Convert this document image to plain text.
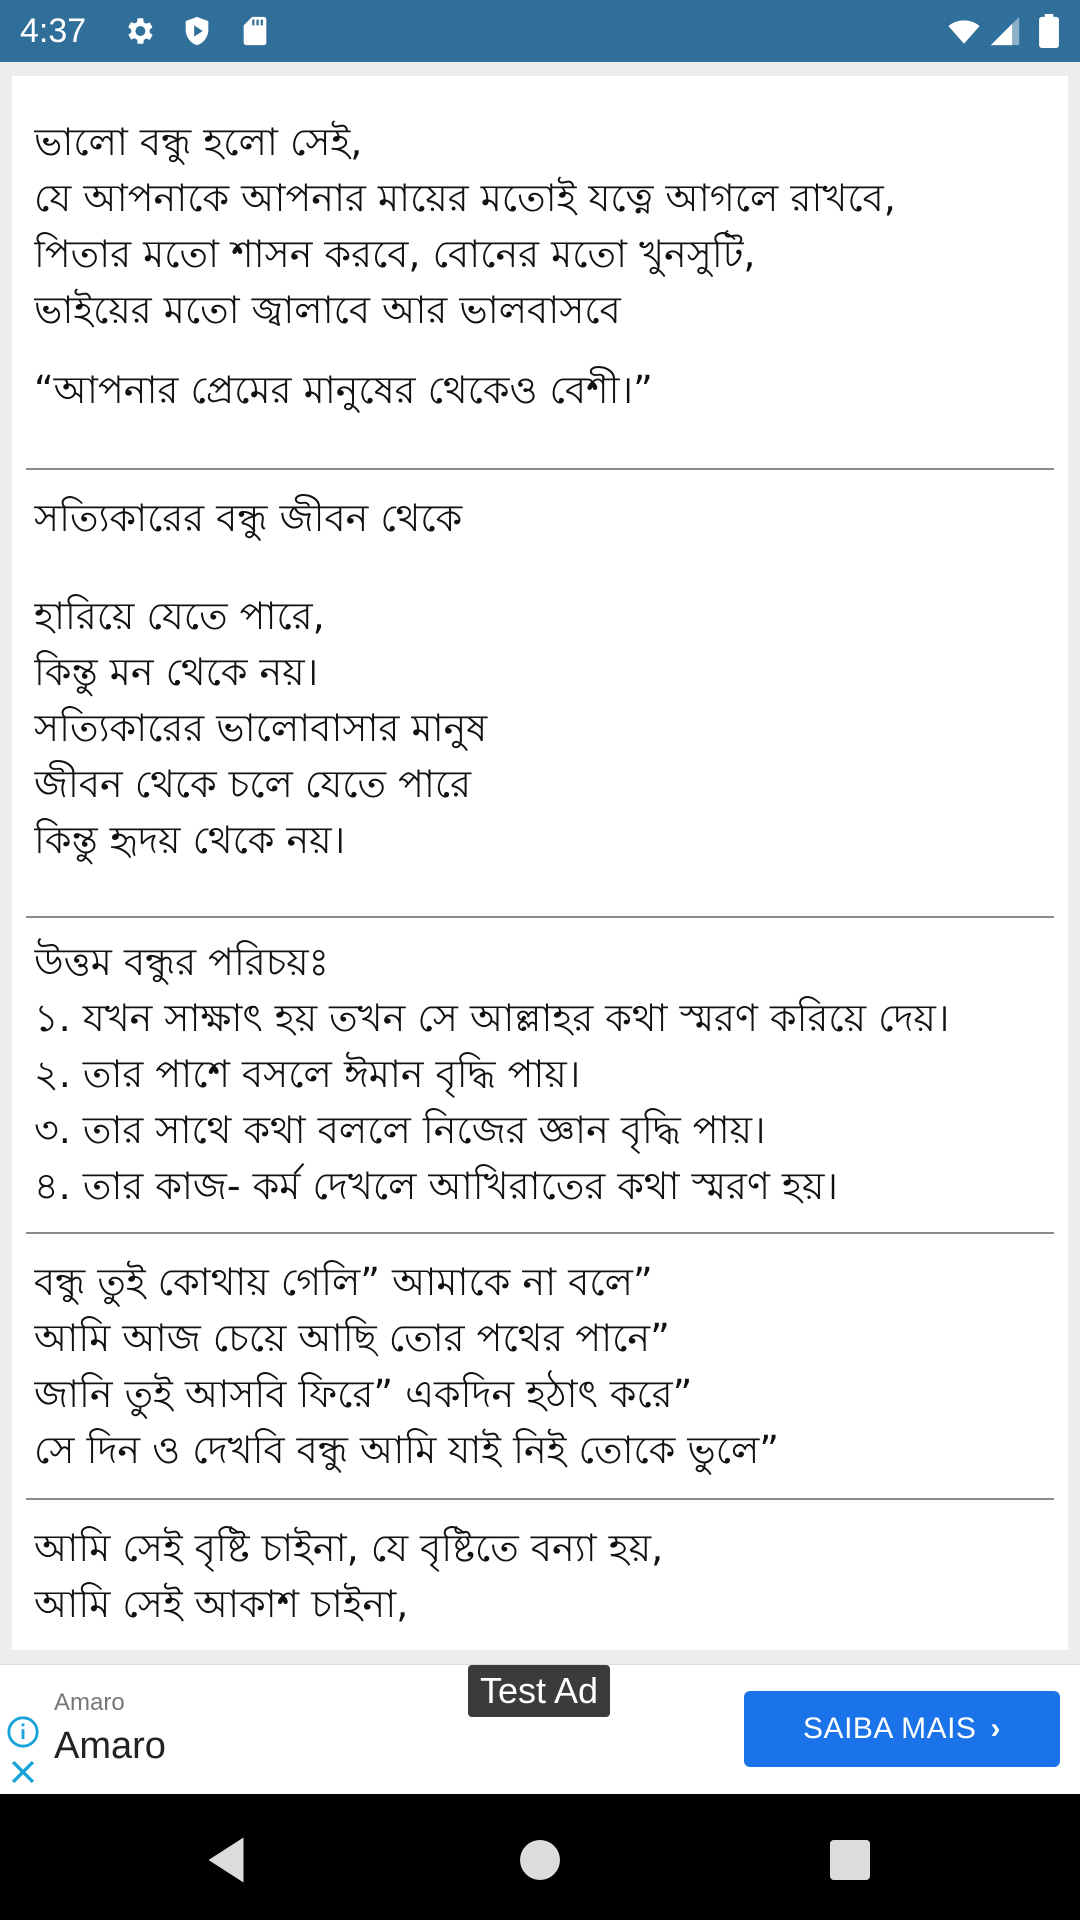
4:37
ভালো বন্ধু হলো সেই,
যে আপনাকে আপনার মায়ের মতোই যত্নে আগলে রাখবে,
পিতার মতো শাসন করবে, বোনের মতো খুনসুটি,
ভাইয়ের মতো জ্বালাবে আর ভালবাসবে
“আপনার প্রেমের মানুষের থেকেও বেশী।”
সত্যিকারের বন্ধু জীবন থেকে
হারিয়ে যেতে পারে,
কিন্তু মন থেকে নয়।
সত্যিকারের ভালোবাসার মানুষ
জীবন থেকে চলে যেতে পারে
কিন্তু হৃদয় থেকে নয়।
উত্তম বন্ধুর পরিচয়ঃ
১. যখন সাক্ষাৎ হয় তখন সে আল্লাহর কথা স্মরণ করিয়ে দেয়।
২. তার পাশে বসলে ঈমান বৃদ্ধি পায়।
৩. তার সাথে কথা বললে নিজের জ্ঞান বৃদ্ধি পায়।
৪. তার কাজ- কর্ম দেখলে আখিরাতের কথা স্মরণ হয়।
বন্ধু তুই কোথায় গেলি” আমাকে না বলে”
আমি আজ চেয়ে আছি তোর পথের পানে”
জানি তুই আসবি ফিরে” একদিন হঠাৎ করে”
সে দিন ও দেখবি বন্ধু আমি যাই নিই তোকে ভুলে”
আমি সেই বৃষ্টি চাইনা, যে বৃষ্টিতে বন্যা হয়,
আমি সেই আকাশ চাইনা,
Test Ad
Amaro
Amaro	SAIBA MAIS ›
